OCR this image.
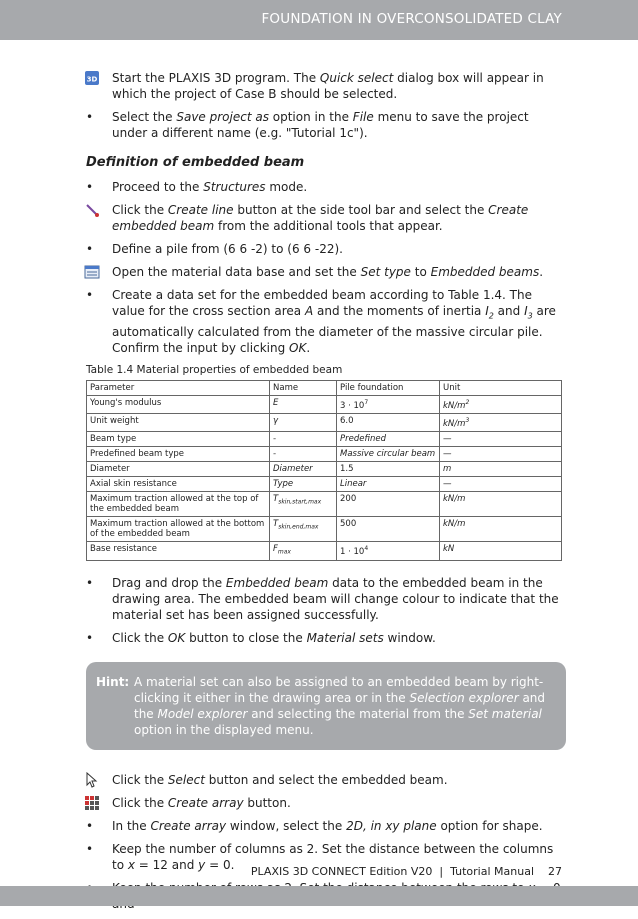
FOUNDATION IN OVERCONSOLIDATED CLAY
3D Start the PLAXIS 3D program. The Quick select dialog box will appear in which the project of Case B should be selected.
• Select the Save project as option in the File menu to save the project under a different name (e.g. "Tutorial 1c").
Definition of embedded beam
• Proceed to the Structures mode.
Click the Create line button at the side tool bar and select the Create embedded beam from the additional tools that appear.
• Define a pile from (6 6 -2) to (6 6 -22).
Open the material data base and set the Set type to Embedded beams.
• Create a data set for the embedded beam according to Table 1.4. The value for the cross section area A and the moments of inertia $I_2$ and $I_3$ are automatically calculated from the diameter of the massive circular pile. Confirm the input by clicking OK.
Table 1.4 Material properties of embedded beam
Parameter	Name	Pile foundation	Unit
Young's modulus	E	$3 \cdot 10^7$	$kN/m^2$
Unit weight	γ	6.0	$kN/m^3$
Beam type	-	Predefined	—
Predefined beam type	-	Massive circular beam	—
Diameter	Diameter	1.5	m
Axial skin resistance	Type	Linear	—
Maximum traction allowed at the top of the embedded beam	$T_{skin,start,max}$	200	kN/m
Maximum traction allowed at the bottom of the embedded beam	$T_{skin,end,max}$	500	kN/m
Base resistance	$F_{max}$	$1 \cdot 10^4$	kN
• Drag and drop the Embedded beam data to the embedded beam in the drawing area. The embedded beam will change colour to indicate that the material set has been assigned successfully.
• Click the OK button to close the Material sets window.
Hint: A material set can also be assigned to an embedded beam by right-clicking it either in the drawing area or in the Selection explorer and the Model explorer and selecting the material from the Set material option in the displayed menu.
Click the Select button and select the embedded beam.
Click the Create array button.
• In the Create array window, select the 2D, in xy plane option for shape.
• Keep the number of columns as 2. Set the distance between the columns to x = 12 and y = 0.	PLAXIS 3D CONNECT Edition V20  |  Tutorial Manual    27
